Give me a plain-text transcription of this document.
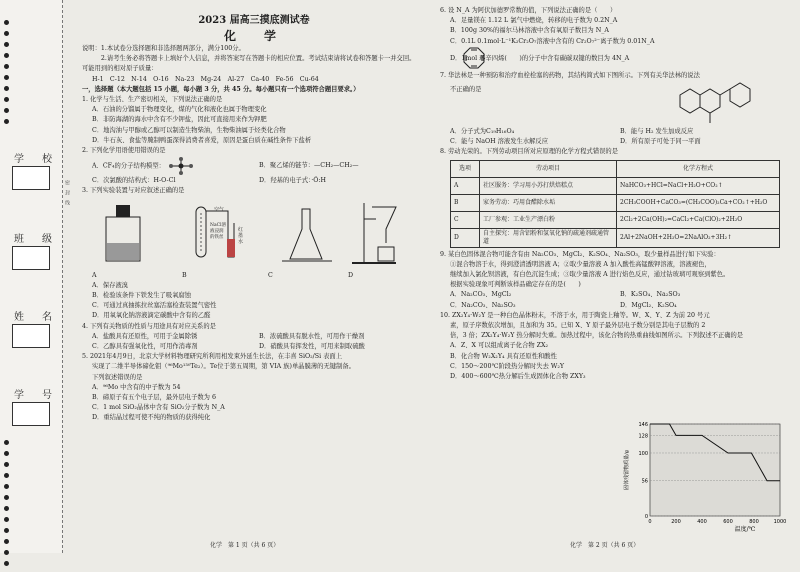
学　校
班　级
姓　名
学　号
密　封　线
2023 届高三摸底测试卷
化　学
说明：1.本试卷分选择题和非选择题两部分，满分100分。
　　　2.请考生务必将答题卡上填好个人信息，并将答案写在答题卡的相应位置。考试结束请将试卷和答题卡一并交回。
可能用到的相对原子质量：
H-1　C-12　N-14　O-16　Na-23　Mg-24　Al-27　Ca-40　Fe-56　Cu-64
一，选择题（本大题包括 15 小题，每小题 3 分，共 45 分。每小题只有一个选项符合题目要求。）
1. 化学与生活、生产密切相关，下列说法正确的是
A．石油的分馏属于物理变化，煤的气化和液化也属于物理变化
B．非防海湖的海水中含有不少钾盐，因此可直接用来作为钾肥
C．地沟油与甲醇或乙醇可以制造生物柴油，生物柴油属于烃类化合物
D．牛石灰、食盐等腌制鸭蛋深得消费者喜爱，原因是蛋白质在碱性条件下盐析
2. 下列化学用语使用错误的是
A．CF₄的分子结构模型：	B．聚乙烯的链节：—CH₂—CH₂—
C．次氯酸的结构式：H-O-Cl	D．羟基的电子式：·Ö:H
3. 下列实验装置与对应叙述正确的是
空气
NaCl溶液浸润的铁丝
红墨水
A	B	C	D
A．保存液溴
B．检验该条件下铁发生了吸氧腐蚀
C．可通过真抽拣拉丝塞活塞检查装置气密性
D．用氧氧化钠溶液滴定碳酸中含有的乙醛
4. 下列有关物质的性质与用途具有对应关系的是
A．盐酸具有还原性，可用于金属除锈	B．浓硫酸具有脱水性，可用作干燥剂
C．乙醇具有强氧化性，可用作消毒剂	D．硝酸具有挥发性，可用来制取硫酸
5. 2021年4月9日，北京大学材料物理研究所利用相发束外延生长法，在丰喜 SiO₂/Si 表面上
实现了二维半导体碲化钼（⁹⁶Mo¹³⁰Te₂）。Te位于第五周期，第 VIA 族)单晶膜薄的无键制备。
下列叙述错误的是
A．⁹⁶Mo 中含有的中子数为 54
B．碲原子有五个电子层，最外层电子数为 6
C．1 mol SiO₂晶体中含有 SiO₂分子数为 N_A
D．重结晶过程可使不纯的物质的获得纯化
化学　第 1 页（共 6 页）
6. 设 N_A 为阿伏加德罗常数的值，下列说法正确的是（　　）
A．足量镁在 1.12 L 氯气中燃烧，转移的电子数为 0.2N_A
B．100g 30%的福尔马林溶液中含有氧原子数目为 N_A
C．0.1L 0.1mol·L⁻¹K₂Cr₂O₇溶液中含有的 Cr₂O₇²⁻离子数为 0.01N_A
D．1mol 环辛四烯(　　)的分子中含有碳碳双键的数目为 4N_A
7. 华法林是一种预防和治疗血栓栓塞的药物，其结构简式如下图所示。下列有关华法林的说法
不正确的是
A．分子式为C₁₉H₁₆O₄	B．能与 H₂ 发生加成反应
C．能与 NaOH 溶液发生水解反应	D．所有原子可处于同一平面
8. 劳动光荣的。下列劳动项目所对应原理的化学方程式错误的是
选项	劳动项目	化学方程式
A	社区服务：学习用小苏打烘焙糕点	NaHCO₃+HCl=NaCl+H₂O+CO₂↑
B	家务劳动：巧用食醋除水垢	2CH₃COOH+CaCO₃=(CH₃COO)₂Ca+CO₂↑+H₂O
C	工厂参观：工业生产漂白粉	2Cl₂+2Ca(OH)₂=CaCl₂+Ca(ClO)₂+2H₂O
D	自主探究：用含铝粉和氢氧化钠的疏通剂疏通管道	2Al+2NaOH+2H₂O=2NaAlO₂+3H₂↑
9. 某白色固体混合物可能含有由 Na₂CO₃、MgCl₂、K₂SO₄、Na₂SO₃，取少量样品进行如下实验：
①混合物溶于水，得到澄清透明溶液 A；②取少量溶液 A 加入酸性高锰酸钾溶液，溶液褪色，
继续加入氯化钡溶液，有白色沉淀生成；③取少量溶液 A 进行焰色反应，通过钴玻璃可观察到紫色。
根据实验现象可判断该样品确定存在的是(　　)
A．Na₂CO₃、MgCl₂	B．K₂SO₄、Na₂SO₃
C．Na₂CO₃、Na₂SO₃	D．MgCl₂、K₂SO₄
10. ZX₂Y₄·W₂Y 是一种白色晶体粉末，不溶于水，用于陶瓷上釉等。W、X、Y、Z 为前 20 号元
素，原子序数依次增加，且加和为 35。已知 X、Y 原子最外层电子数分别是其电子层数的 2
倍，3 倍；ZX₂Y₄·W₂Y 热分解时失重。加热过程中，该化合物的热重曲线如图所示。下列叙述不正确的是
A．Z、X 可以组成离子化合物 ZX₂
B．化合物 W₂X₂Y₄ 具有还原性和酸性
C．150～200℃阶段热分解时失去 W₂Y
D．400～600℃热分解后生成固体化合物 ZXY₃
0
56
100
128
146
0	200	400	600	800	1000
温度/℃
固体残留物质量/g
化学　第 2 页（共 6 页）
